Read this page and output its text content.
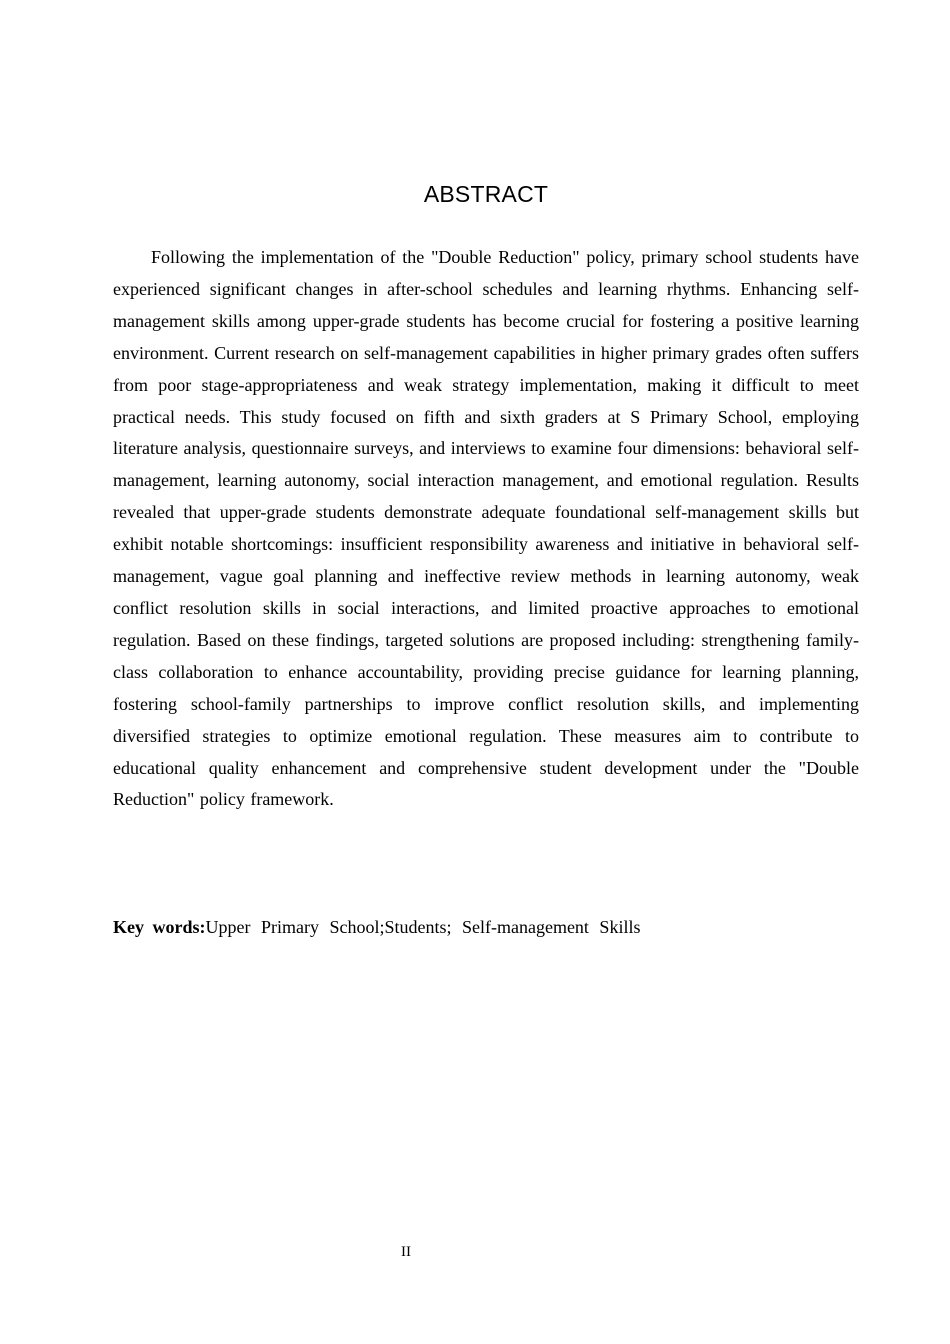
ABSTRACT

Following the implementation of the "Double Reduction" policy, primary school students have experienced significant changes in after-school schedules and learning rhythms. Enhancing self-management skills among upper-grade students has become crucial for fostering a positive learning environment. Current research on self-management capabilities in higher primary grades often suffers from poor stage-appropriateness and weak strategy implementation, making it difficult to meet practical needs. This study focused on fifth and sixth graders at S Primary School, employing literature analysis, questionnaire surveys, and interviews to examine four dimensions: behavioral self-management, learning autonomy, social interaction management, and emotional regulation. Results revealed that upper-grade students demonstrate adequate foundational self-management skills but exhibit notable shortcomings: insufficient responsibility awareness and initiative in behavioral self-management, vague goal planning and ineffective review methods in learning autonomy, weak conflict resolution skills in social interactions, and limited proactive approaches to emotional regulation. Based on these findings, targeted solutions are proposed including: strengthening family-class collaboration to enhance accountability, providing precise guidance for learning planning, fostering school-family partnerships to improve conflict resolution skills, and implementing diversified strategies to optimize emotional regulation. These measures aim to contribute to educational quality enhancement and comprehensive student development under the "Double Reduction" policy framework.

Key words:Upper Primary School;Students; Self-management Skills
II
